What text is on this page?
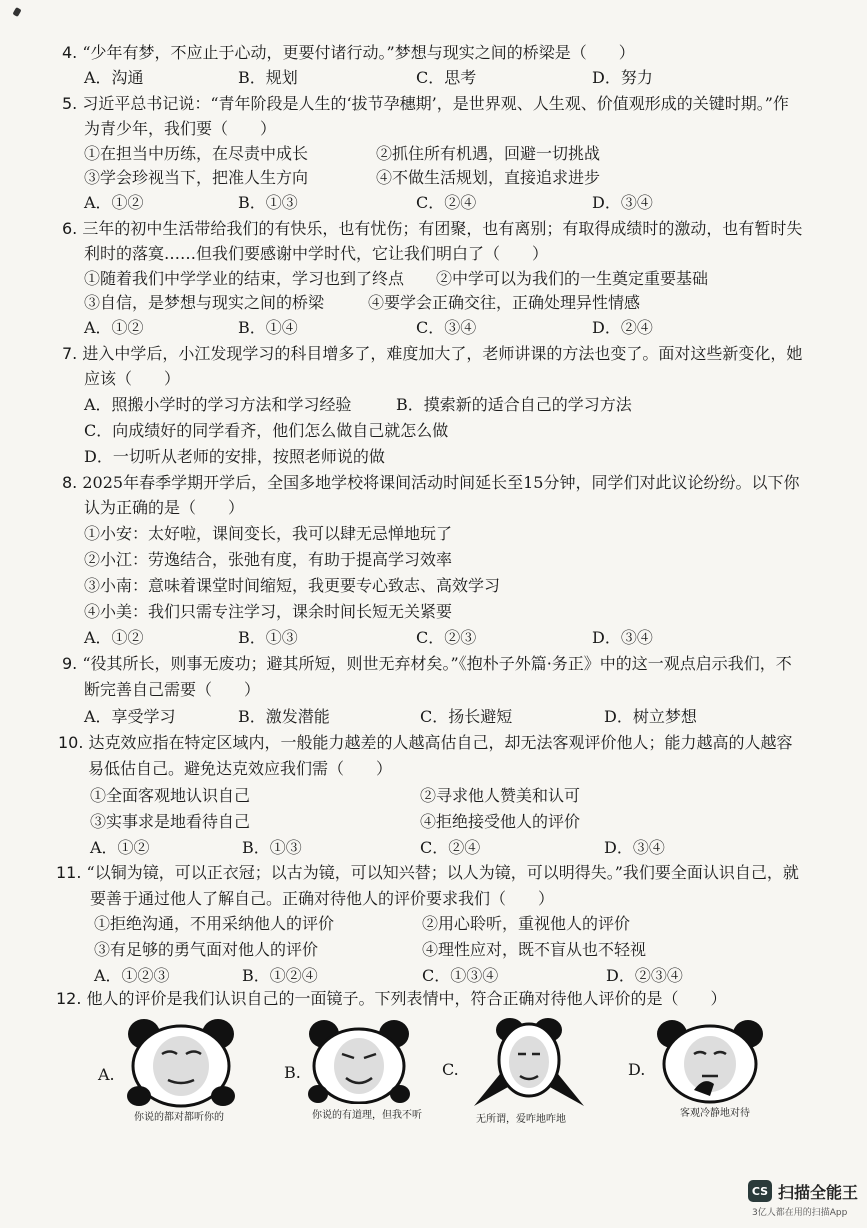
4. “少年有梦，不应止于心动，更要付诸行动。”梦想与现实之间的桥梁是（　　）
A．沟通	B．规划	C．思考	D．努力
5. 习近平总书记说：“青年阶段是人生的‘拔节孕穗期’，是世界观、人生观、价值观形成的关键时期。”作
为青少年，我们要（　　）
①在担当中历练，在尽责中成长	②抓住所有机遇，回避一切挑战
③学会珍视当下，把准人生方向	④不做生活规划，直接追求进步
A．①②	B．①③	C．②④	D．③④
6. 三年的初中生活带给我们的有快乐，也有忧伤；有团聚，也有离别；有取得成绩时的激动，也有暂时失
利时的落寞……但我们要感谢中学时代，它让我们明白了（　　）
①随着我们中学学业的结束，学习也到了终点 ②中学可以为我们的一生奠定重要基础
③自信，是梦想与现实之间的桥梁	④要学会正确交往，正确处理异性情感
A．①②	B．①④	C．③④	D．②④
7. 进入中学后，小江发现学习的科目增多了，难度加大了，老师讲课的方法也变了。面对这些新变化，她
应该（　　）
A．照搬小学时的学习方法和学习经验	B．摸索新的适合自己的学习方法
C．向成绩好的同学看齐，他们怎么做自己就怎么做
D．一切听从老师的安排，按照老师说的做
8. 2025年春季学期开学后，全国多地学校将课间活动时间延长至15分钟，同学们对此议论纷纷。以下你
认为正确的是（　　）
①小安：太好啦，课间变长，我可以肆无忌惮地玩了
②小江：劳逸结合，张弛有度，有助于提高学习效率
③小南：意味着课堂时间缩短，我更要专心致志、高效学习
④小美：我们只需专注学习，课余时间长短无关紧要
A．①②	B．①③	C．②③	D．③④
9. “役其所长，则事无废功；避其所短，则世无弃材矣。”《抱朴子外篇·务正》中的这一观点启示我们，不
断完善自己需要（　　）
A．享受学习	B．激发潜能	C．扬长避短	D．树立梦想
10. 达克效应指在特定区域内，一般能力越差的人越高估自己，却无法客观评价他人；能力越高的人越容
易低估自己。避免达克效应我们需（　　）
①全面客观地认识自己	②寻求他人赞美和认可
③实事求是地看待自己	④拒绝接受他人的评价
A．①②	B．①③	C．②④	D．③④
11. “以铜为镜，可以正衣冠；以古为镜，可以知兴替；以人为镜，可以明得失。”我们要全面认识自己，就
要善于通过他人了解自己。正确对待他人的评价要求我们（　　）
①拒绝沟通，不用采纳他人的评价	②用心聆听，重视他人的评价
③有足够的勇气面对他人的评价	④理性应对，既不盲从也不轻视
A．①②③	B．①②④	C．①③④	D．②③④
12. 他人的评价是我们认识自己的一面镜子。下列表情中，符合正确对待他人评价的是（　　）
A.
你说的都对都听你的
B.
你说的有道理，但我不听
C.
无所谓，爱咋地咋地
D.
客观冷静地对待
CS 扫描全能王
3亿人都在用的扫描App
